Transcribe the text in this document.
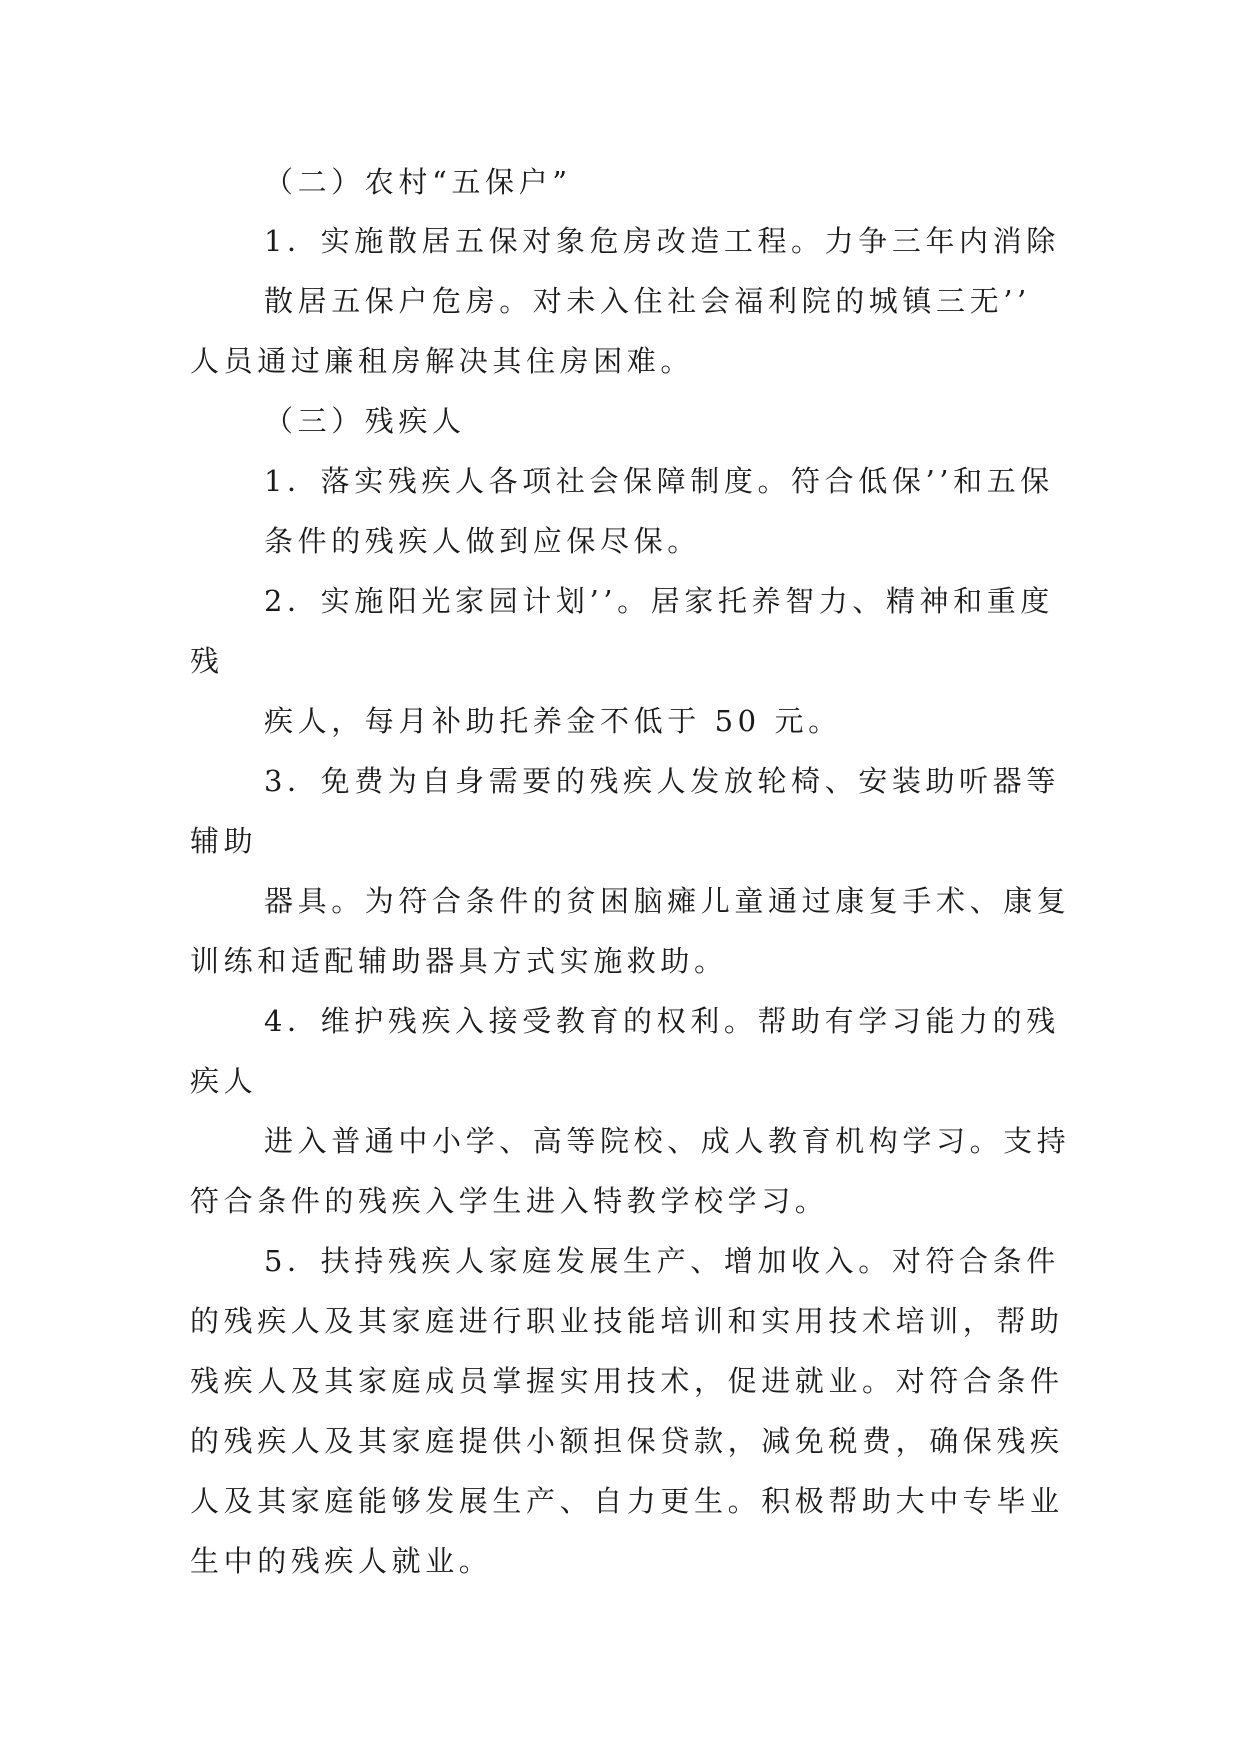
（二）农村“五保户”
1．实施散居五保对象危房改造工程。力争三年内消除
散居五保户危房。对未入住社会福利院的城镇三无’’
人员通过廉租房解决其住房困难。
（三）残疾人
1．落实残疾人各项社会保障制度。符合低保’’和五保
条件的残疾人做到应保尽保。
2．实施阳光家园计划’’。居家托养智力、精神和重度
残
疾人，每月补助托养金不低于 50 元。
3．免费为自身需要的残疾人发放轮椅、安装助听器等
辅助
器具。为符合条件的贫困脑瘫儿童通过康复手术、康复
训练和适配辅助器具方式实施救助。
4．维护残疾入接受教育的权利。帮助有学习能力的残
疾人
进入普通中小学、高等院校、成人教育机构学习。支持
符合条件的残疾入学生进入特教学校学习。
5．扶持残疾人家庭发展生产、增加收入。对符合条件
的残疾人及其家庭进行职业技能培训和实用技术培训，帮助
残疾人及其家庭成员掌握实用技术，促进就业。对符合条件
的残疾人及其家庭提供小额担保贷款，减免税费，确保残疾
人及其家庭能够发展生产、自力更生。积极帮助大中专毕业
生中的残疾人就业。
